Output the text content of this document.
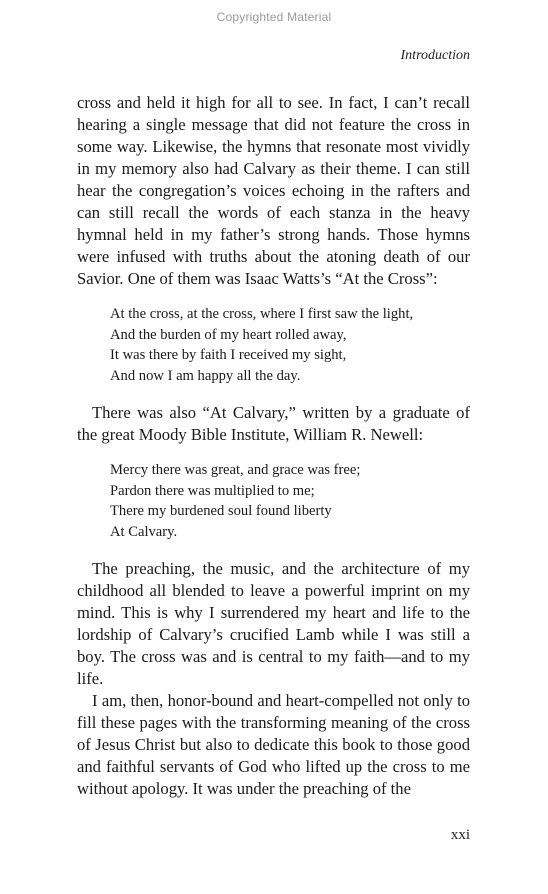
Copyrighted Material
Introduction

cross and held it high for all to see. In fact, I can’t recall hearing a single message that did not feature the cross in some way. Likewise, the hymns that resonate most vividly in my memory also had Calvary as their theme. I can still hear the congregation’s voices echoing in the rafters and can still recall the words of each stanza in the heavy hymnal held in my father’s strong hands. Those hymns were infused with truths about the atoning death of our Savior. One of them was Isaac Watts’s “At the Cross”:

At the cross, at the cross, where I first saw the light,
And the burden of my heart rolled away,
It was there by faith I received my sight,
And now I am happy all the day.

There was also “At Calvary,” written by a graduate of the great Moody Bible Institute, William R. Newell:

Mercy there was great, and grace was free;
Pardon there was multiplied to me;
There my burdened soul found liberty
At Calvary.

The preaching, the music, and the architecture of my childhood all blended to leave a powerful imprint on my mind. This is why I surrendered my heart and life to the lordship of Calvary’s crucified Lamb while I was still a boy. The cross was and is central to my faith—and to my life.

I am, then, honor-bound and heart-compelled not only to fill these pages with the transforming meaning of the cross of Jesus Christ but also to dedicate this book to those good and faithful servants of God who lifted up the cross to me without apology. It was under the preaching of the

xxi
